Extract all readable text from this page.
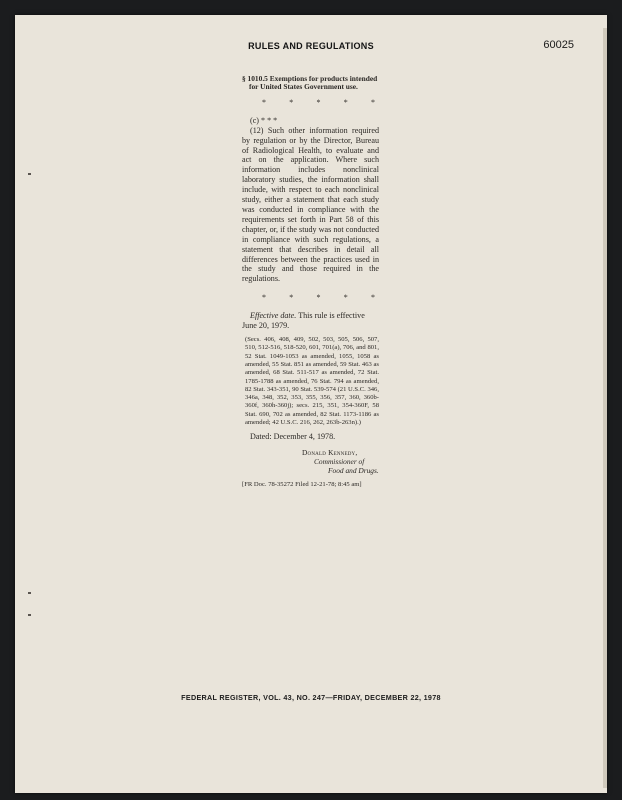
RULES AND REGULATIONS	60025
§ 1010.5 Exemptions for products intended
for United States Government use.
*	*	*	*	*
(c) * * *

(12) Such other information required by regulation or by the Director, Bureau of Radiological Health, to evaluate and act on the application. Where such information includes nonclinical laboratory studies, the information shall include, with respect to each nonclinical study, either a statement that each study was conducted in compliance with the requirements set forth in Part 58 of this chapter, or, if the study was not conducted in compliance with such regulations, a statement that describes in detail all differences between the practices used in the study and those required in the regulations.

*	*	*	*	*

Effective date. This rule is effective June 20, 1979.

(Secs. 406, 408, 409, 502, 503, 505, 506, 507, 510, 512-516, 518-520, 601, 701(a), 706, and 801, 52 Stat. 1049-1053 as amended, 1055, 1058 as amended, 55 Stat. 851 as amended, 59 Stat. 463 as amended, 68 Stat. 511-517 as amended, 72 Stat. 1785-1788 as amended, 76 Stat. 794 as amended, 82 Stat. 343-351, 90 Stat. 539-574 (21 U.S.C. 346, 346a, 348, 352, 353, 355, 356, 357, 360, 360b-360f, 360h-360j); secs. 215, 351, 354-360F, 58 Stat. 690, 702 as amended, 82 Stat. 1173-1186 as amended; 42 U.S.C. 216, 262, 263b-263n).)
Dated: December 4, 1978.
Donald Kennedy,
Commissioner of
Food and Drugs.
[FR Doc. 78-35272 Filed 12-21-78; 8:45 am]
FEDERAL REGISTER, VOL. 43, NO. 247—FRIDAY, DECEMBER 22, 1978
